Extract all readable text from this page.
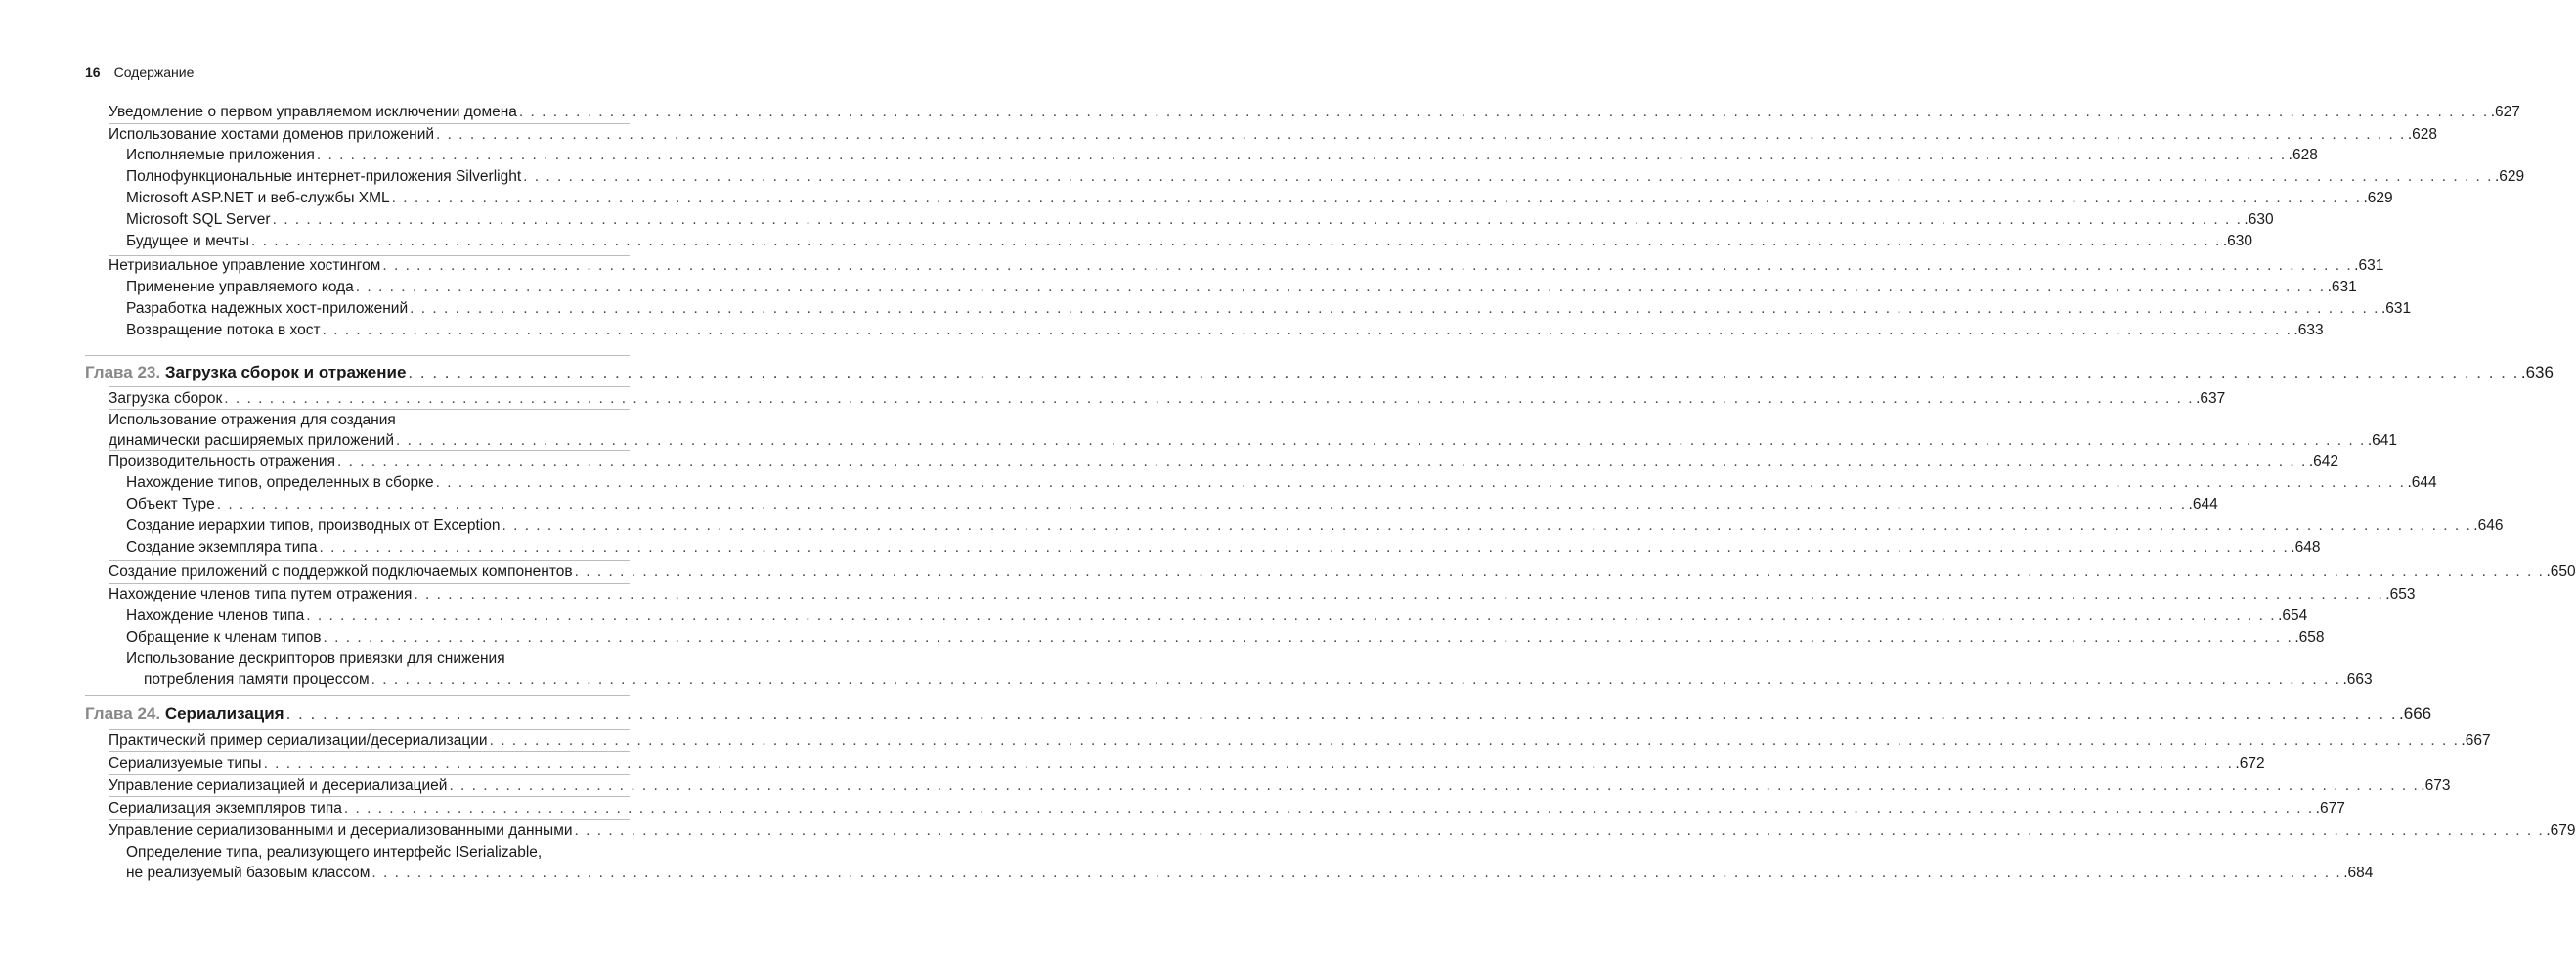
16 Содержание
Уведомление о первом управляемом исключении домена . . .	.627
Использование хостами доменов приложений . . .	.628
Исполняемые приложения . . .	.628
Полнофункциональные интернет-приложения Silverlight . . .	.629
Microsoft ASP.NET и веб-службы XML . . .	.629
Microsoft SQL Server . . .	.630
Будущее и мечты . . .	.630
Нетривиальное управление хостингом . . .	.631
Применение управляемого кода . . .	.631
Разработка надежных хост-приложений . . .	.631
Возвращение потока в хост . . .	.633
Глава 23. Загрузка сборок и отражение . . .	.636
Загрузка сборок . . .	.637
Использование отражения для создания
динамически расширяемых приложений . . .	.641
Производительность отражения . . .	.642
Нахождение типов, определенных в сборке . . .	.644
Объект Type . . .	.644
Создание иерархии типов, производных от Exception . . .	.646
Создание экземпляра типа . . .	.648
Создание приложений с поддержкой подключаемых компонентов . . .	.650
Нахождение членов типа путем отражения . . .	.653
Нахождение членов типа . . .	.654
Обращение к членам типов . . .	.658
Использование дескрипторов привязки для снижения
потребления памяти процессом . . .	.663
Глава 24. Сериализация . . .	.666
Практический пример сериализации/десериализации . . .	.667
Сериализуемые типы . . .	.672
Управление сериализацией и десериализацией . . .	.673
Сериализация экземпляров типа . . .	.677
Управление сериализованными и десериализованными данными . . .	.679
Определение типа, реализующего интерфейс ISerializable,
не реализуемый базовым классом . . .	.684
